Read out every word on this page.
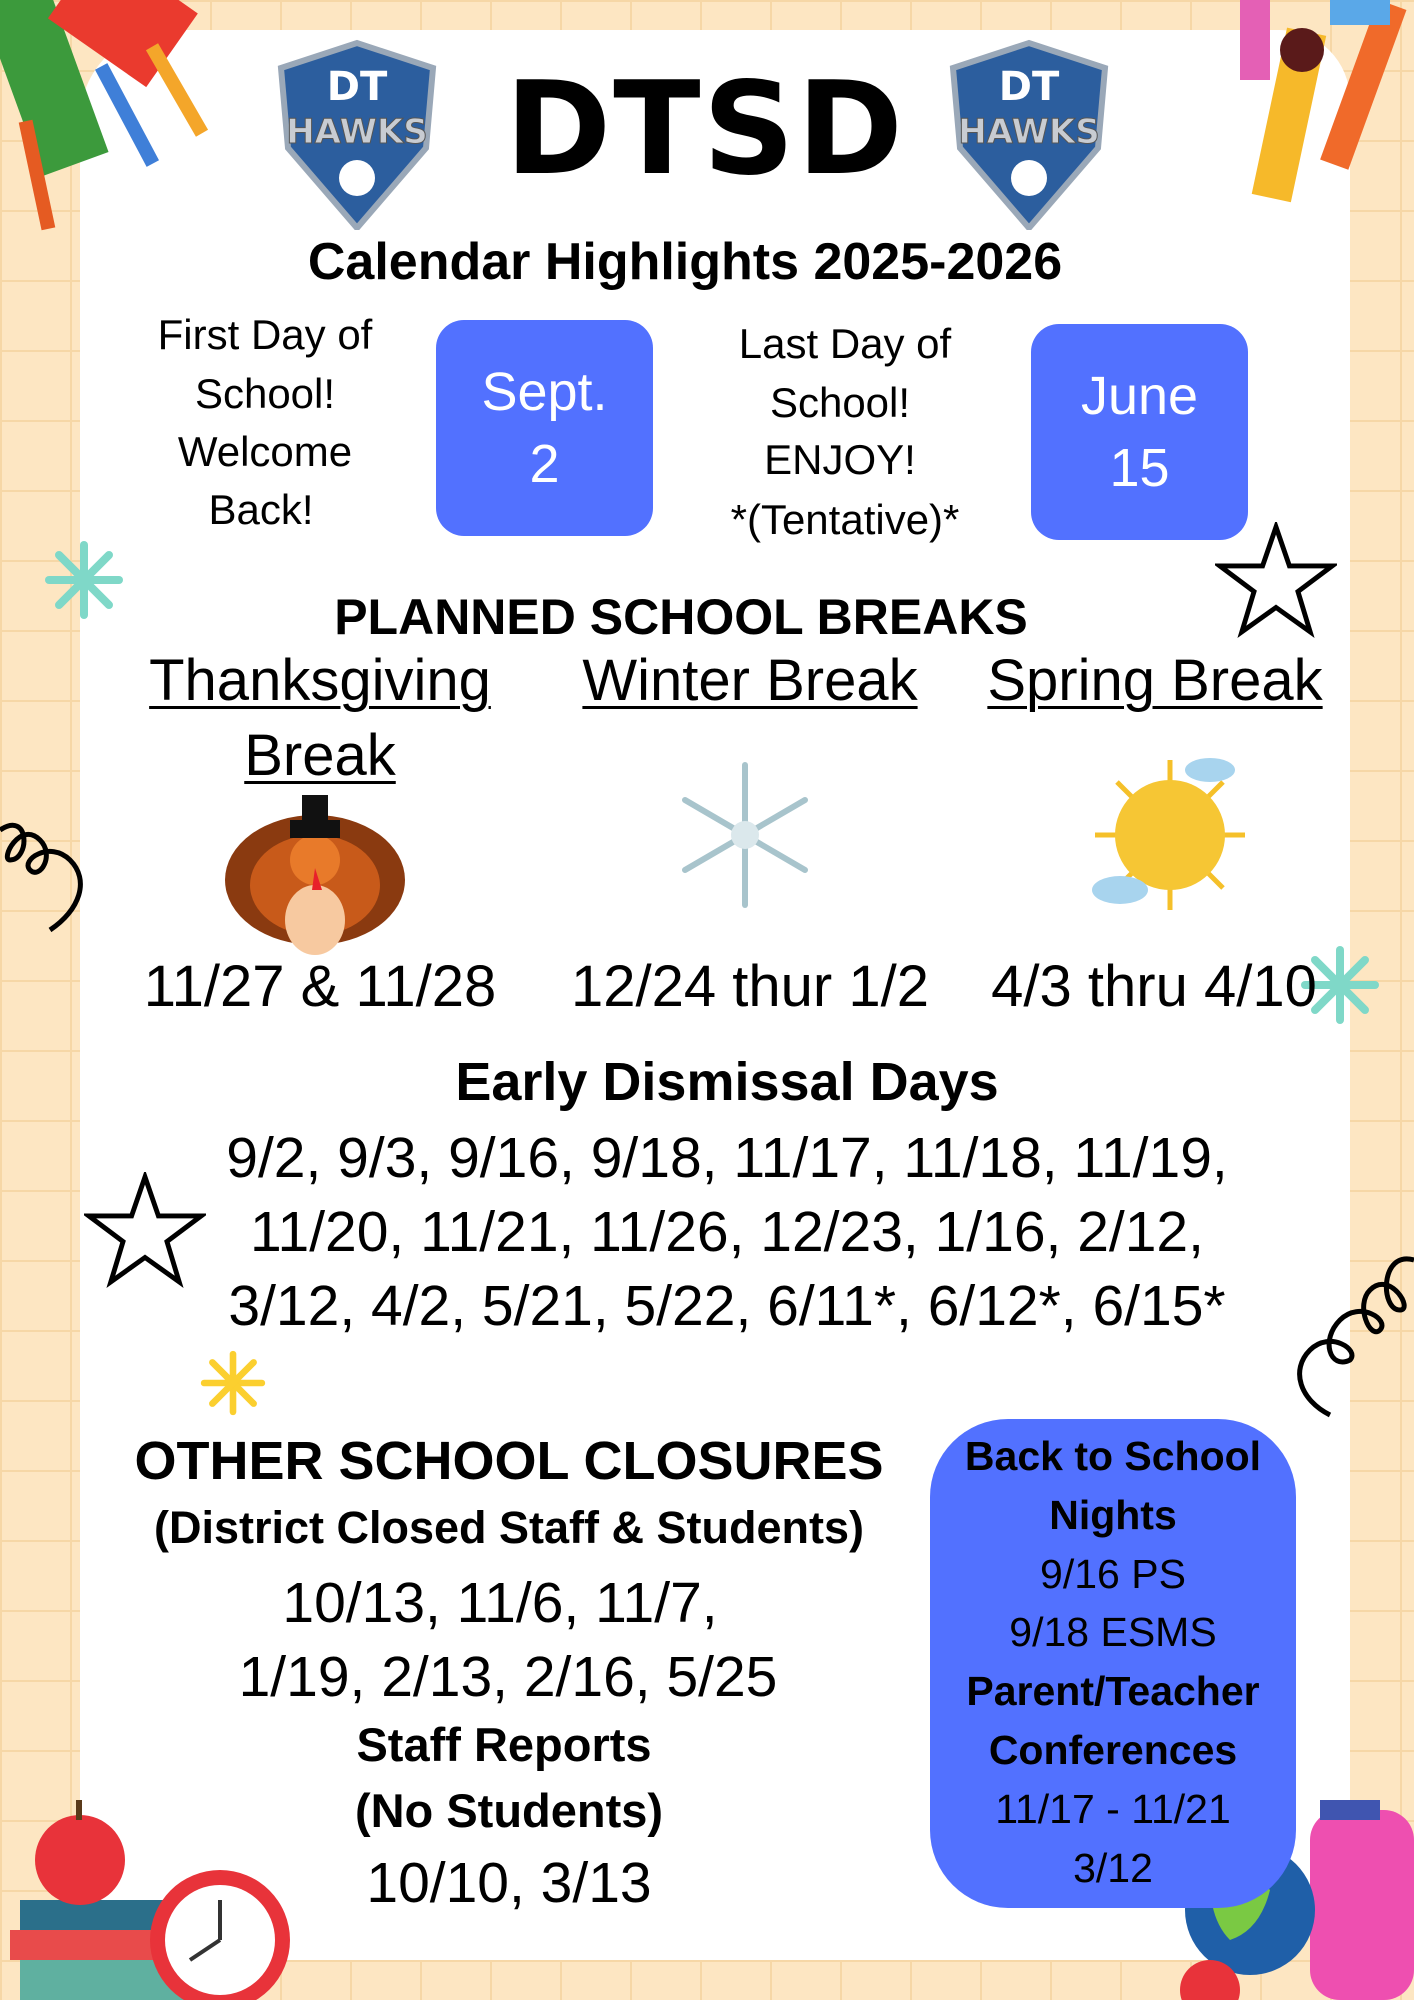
DT
HAWKS
DT
HAWKS
DTSD
Calendar Highlights 2025-2026
First Day of
School!
Welcome
Back!
Sept.
2
Last Day of
School!
ENJOY!
*(Tentative)*
June
15
PLANNED SCHOOL BREAKS
Thanksgiving
Break
Winter Break Spring Break
11/27 & 11/28 12/24 thur 1/2 4/3 thru 4/10
Early Dismissal Days
9/2, 9/3, 9/16, 9/18, 11/17, 11/18, 11/19,
11/20, 11/21, 11/26, 12/23, 1/16, 2/12,
3/12, 4/2, 5/21, 5/22, 6/11*, 6/12*, 6/15*
OTHER SCHOOL CLOSURES
(District Closed Staff & Students)
10/13, 11/6, 11/7,
1/19, 2/13, 2/16, 5/25
Staff Reports
(No Students)
10/10, 3/13
Back to School
Nights
9/16 PS
9/18 ESMS
Parent/Teacher
Conferences
11/17 - 11/21
3/12
